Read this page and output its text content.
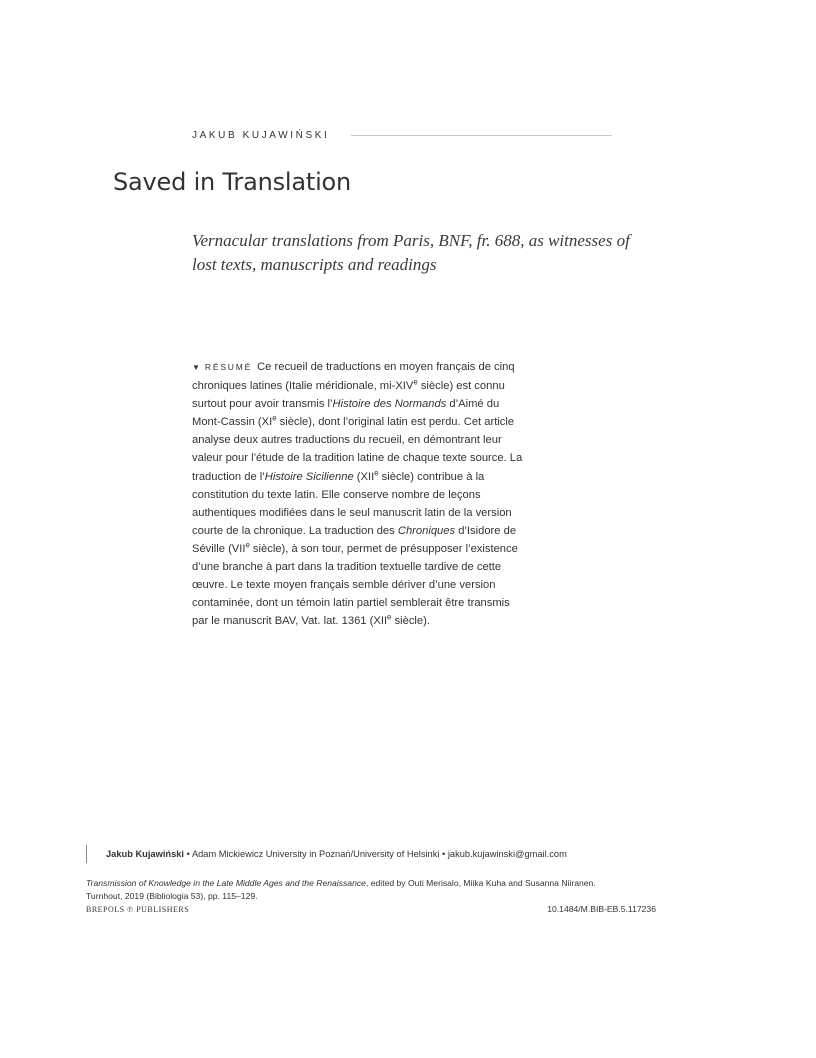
JAKUB KUJAWIŃSKI
Saved in Translation

Vernacular translations from Paris, BNF, fr. 688, as witnesses of lost texts, manuscripts and readings

▼ RÉSUMÉ Ce recueil de traductions en moyen français de cinq chroniques latines (Italie méridionale, mi-XIVe siècle) est connu surtout pour avoir transmis l’Histoire des Normands d’Aimé du Mont-Cassin (XIe siècle), dont l’original latin est perdu. Cet article analyse deux autres traductions du recueil, en démontrant leur valeur pour l’étude de la tradition latine de chaque texte source. La traduction de l’Histoire Sicilienne (XIIe siècle) contribue à la constitution du texte latin. Elle conserve nombre de leçons authentiques modifiées dans le seul manuscrit latin de la version courte de la chronique. La traduction des Chroniques d’Isidore de Séville (VIIe siècle), à son tour, permet de présupposer l’existence d’une branche à part dans la tradition textuelle tardive de cette œuvre. Le texte moyen français semble dériver d’une version contaminée, dont un témoin latin partiel semblerait être transmis par le manuscrit BAV, Vat. lat. 1361 (XIIe siècle).

Jakub Kujawiński • Adam Mickiewicz University in Poznań/University of Helsinki • jakub.kujawinski@gmail.com
Transmission of Knowledge in the Late Middle Ages and the Renaissance, edited by Outi Merisalo, Miika Kuha and Susanna Niiranen.
Turnhout, 2019 (Bibliologia 53), pp. 115–129.
BREPOLS ℗ PUBLISHERS	10.1484/M.BIB-EB.5.117236
